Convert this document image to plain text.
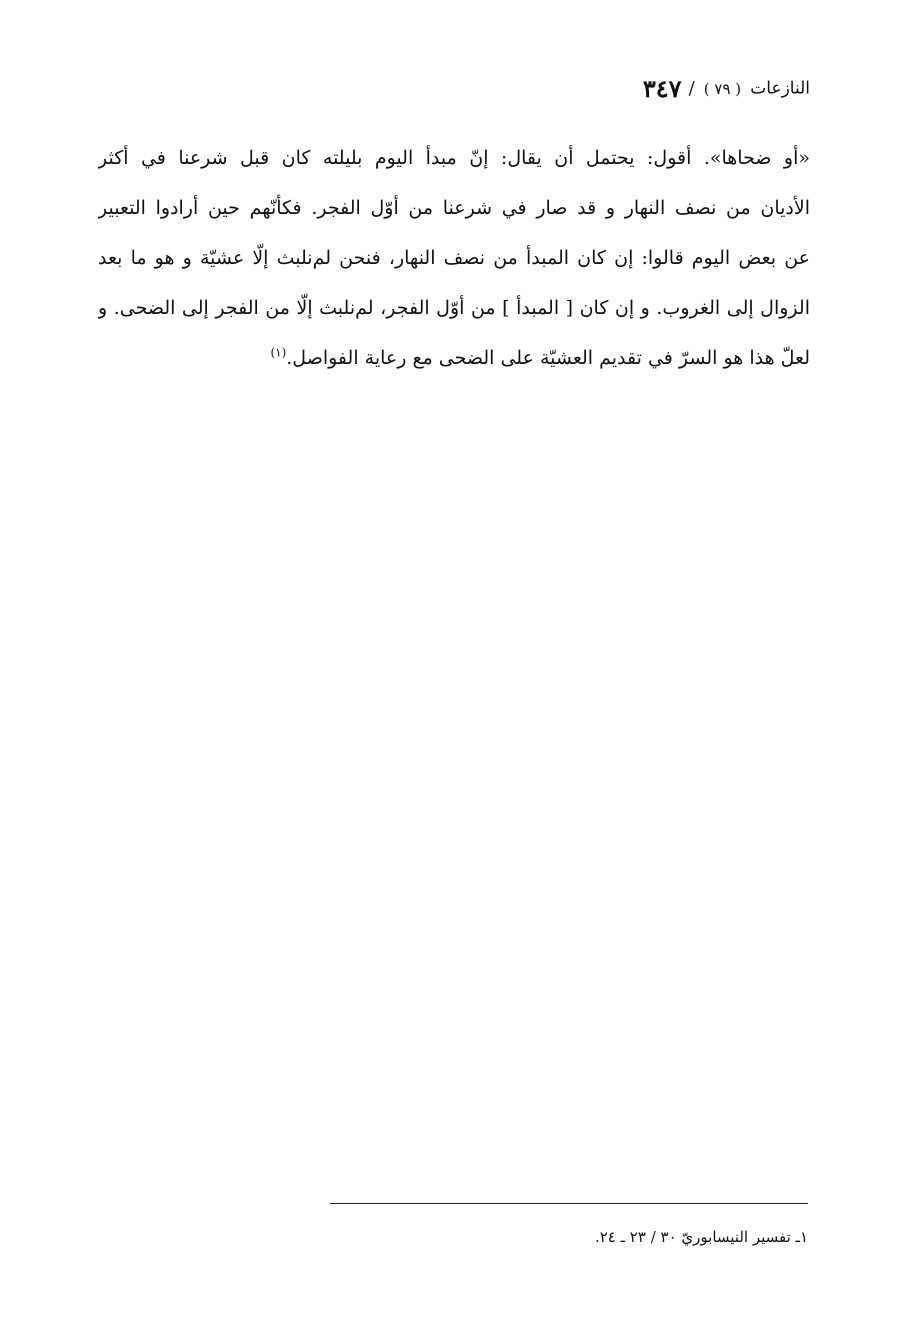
النازعات ( ٧٩ ) / ٣٤٧
«أو ضحاها». أقول: يحتمل أن يقال: إنّ مبدأ اليوم بليلته كان قبل شرعنا في أكثر
الأديان من نصف النهار و قد صار في شرعنا من أوّل الفجر. فكأنّهم حين أرادوا التعبير
عن بعض اليوم قالوا: إن كان المبدأ من نصف النهار، فنحن لم‌نلبث إلّا عشيّة و هو ما بعد
الزوال إلى الغروب. و إن كان [ المبدأ ] من أوّل الفجر، لم‌نلبث إلّا من الفجر إلى الضحى. و
لعلّ هذا هو السرّ في تقديم العشيّة على الضحى مع رعاية الفواصل.$^{(١)}$
١ـ تفسير النيسابوريّ ٣٠ / ٢٣ ـ ٢٤.
